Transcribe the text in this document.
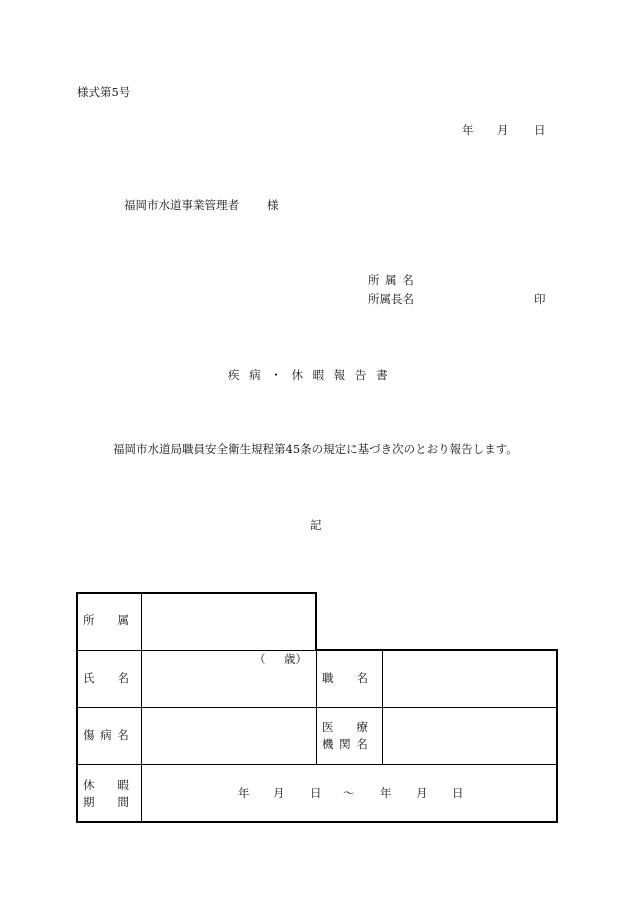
様式第5号
年 月 日
福岡市水道事業管理者 様
所 属 名
所属長名	印
疾 病 ・ 休 暇 報 告 書
福岡市水道局職員安全衛生規程第45条の規定に基づき次のとおり報告します。
記
所　　属
氏　　名
（ 歳）
職　　名
傷 病 名
医　　療
機 関 名
休　　暇
期　　間
年 月 日 ～ 年 月 日
